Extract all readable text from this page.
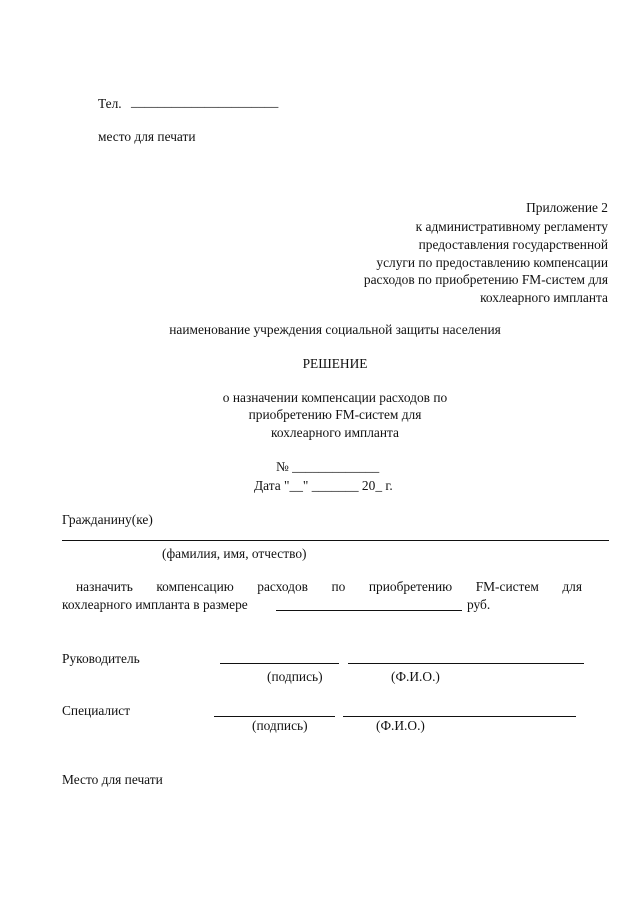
Тел. ______________________
место для печати
Приложение 2
к административному регламенту
предоставления государственной
услуги по предоставлению компенсации
расходов по приобретению FM-систем для
кохлеарного импланта
наименование учреждения социальной защиты населения
РЕШЕНИЕ
о назначении компенсации расходов по
приобретению FM-систем для
кохлеарного импланта
№ _____________
Дата "__" _______ 20_ г.
Гражданину(ке)
(фамилия, имя, отчество)
назначить компенсацию расходов по приобретению FM-систем для
кохлеарного импланта в размере	руб.
Руководитель
(подпись)	(Ф.И.О.)
Специалист
(подпись)	(Ф.И.О.)
Место для печати
